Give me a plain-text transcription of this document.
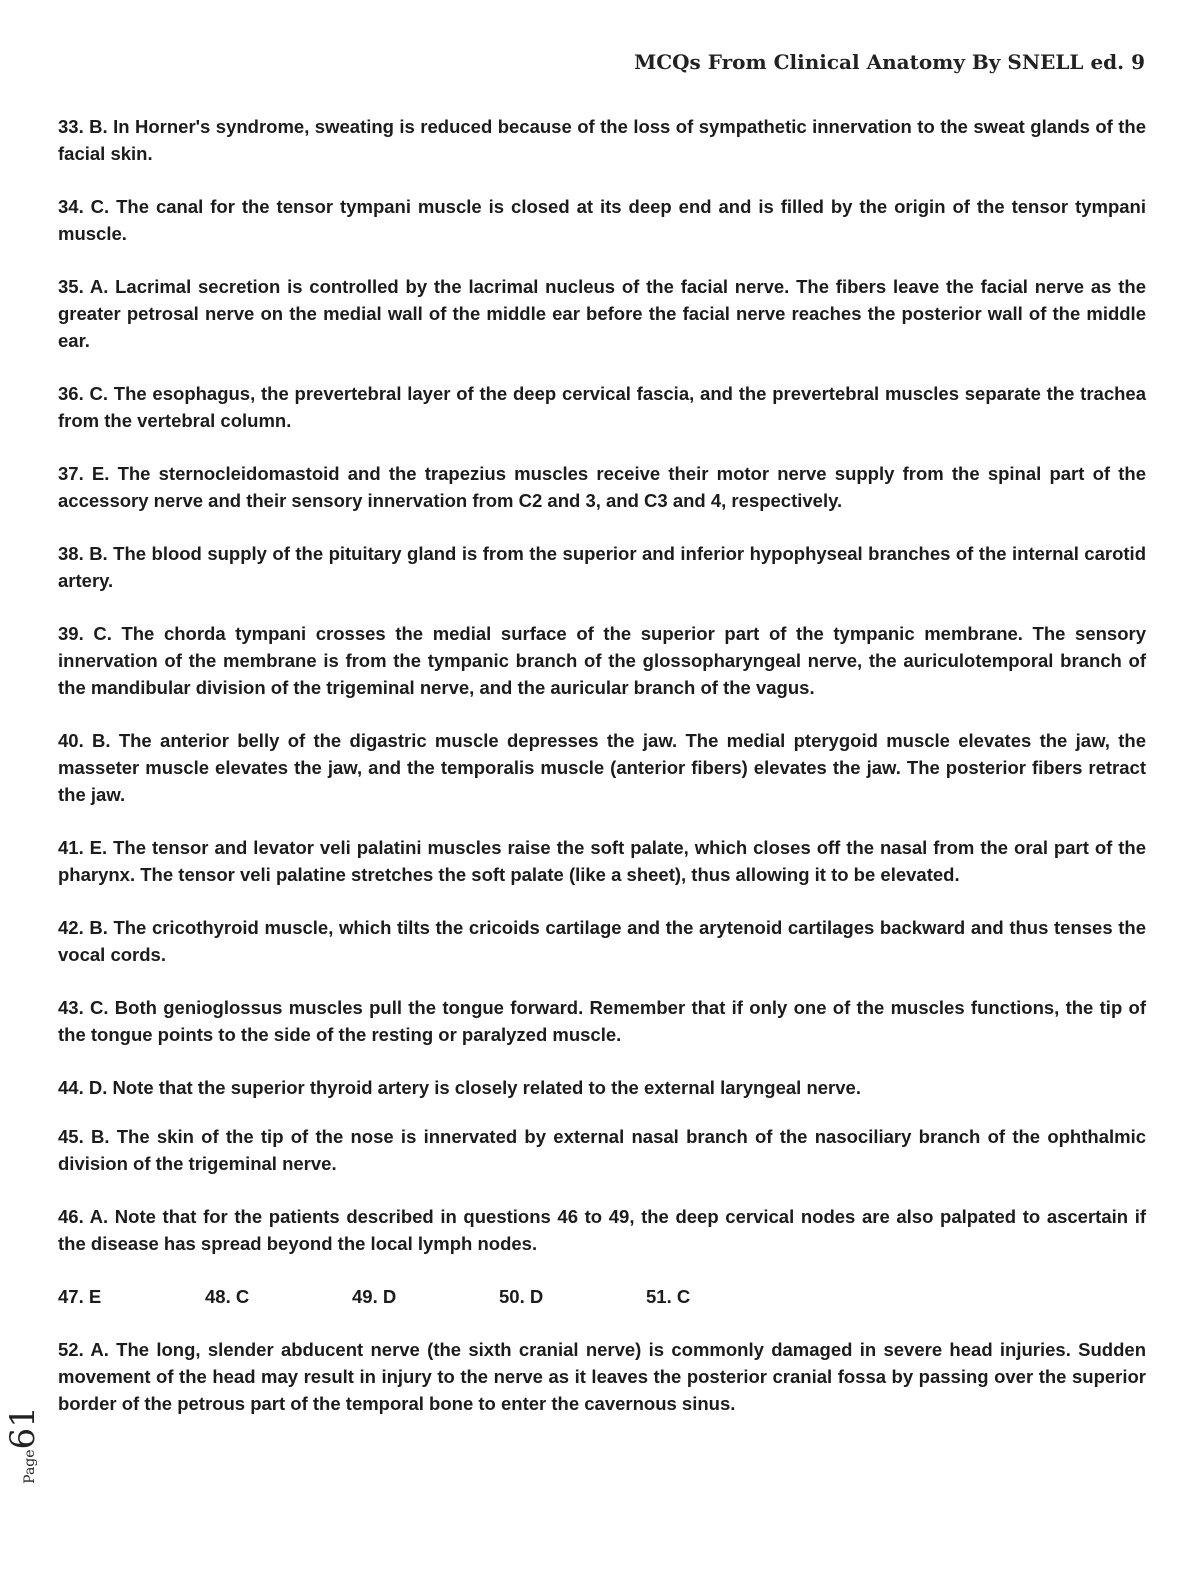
MCQs From Clinical Anatomy By SNELL ed. 9

33. B. In Horner's syndrome, sweating is reduced because of the loss of sympathetic innervation to the sweat glands of the facial skin.

34. C. The canal for the tensor tympani muscle is closed at its deep end and is filled by the origin of the tensor tympani muscle.

35. A. Lacrimal secretion is controlled by the lacrimal nucleus of the facial nerve. The fibers leave the facial nerve as the greater petrosal nerve on the medial wall of the middle ear before the facial nerve reaches the posterior wall of the middle ear.

36. C. The esophagus, the prevertebral layer of the deep cervical fascia, and the prevertebral muscles separate the trachea from the vertebral column.

37. E. The sternocleidomastoid and the trapezius muscles receive their motor nerve supply from the spinal part of the accessory nerve and their sensory innervation from C2 and 3, and C3 and 4, respectively.

38. B. The blood supply of the pituitary gland is from the superior and inferior hypophyseal branches of the internal carotid artery.

39. C. The chorda tympani crosses the medial surface of the superior part of the tympanic membrane. The sensory innervation of the membrane is from the tympanic branch of the glossopharyngeal nerve, the auriculotemporal branch of the mandibular division of the trigeminal nerve, and the auricular branch of the vagus.

40. B. The anterior belly of the digastric muscle depresses the jaw. The medial pterygoid muscle elevates the jaw, the masseter muscle elevates the jaw, and the temporalis muscle (anterior fibers) elevates the jaw. The posterior fibers retract the jaw.

41. E. The tensor and levator veli palatini muscles raise the soft palate, which closes off the nasal from the oral part of the pharynx. The tensor veli palatine stretches the soft palate (like a sheet), thus allowing it to be elevated.

42. B. The cricothyroid muscle, which tilts the cricoids cartilage and the arytenoid cartilages backward and thus tenses the vocal cords.

43. C. Both genioglossus muscles pull the tongue forward. Remember that if only one of the muscles functions, the tip of the tongue points to the side of the resting or paralyzed muscle.

44. D. Note that the superior thyroid artery is closely related to the external laryngeal nerve.

45. B. The skin of the tip of the nose is innervated by external nasal branch of the nasociliary branch of the ophthalmic division of the trigeminal nerve.

46. A. Note that for the patients described in questions 46 to 49, the deep cervical nodes are also palpated to ascertain if the disease has spread beyond the local lymph nodes.

47. E	48. C	49. D	50. D	51. C

52. A. The long, slender abducent nerve (the sixth cranial nerve) is commonly damaged in severe head injuries. Sudden movement of the head may result in injury to the nerve as it leaves the posterior cranial fossa by passing over the superior border of the petrous part of the temporal bone to enter the cavernous sinus.

Page61
